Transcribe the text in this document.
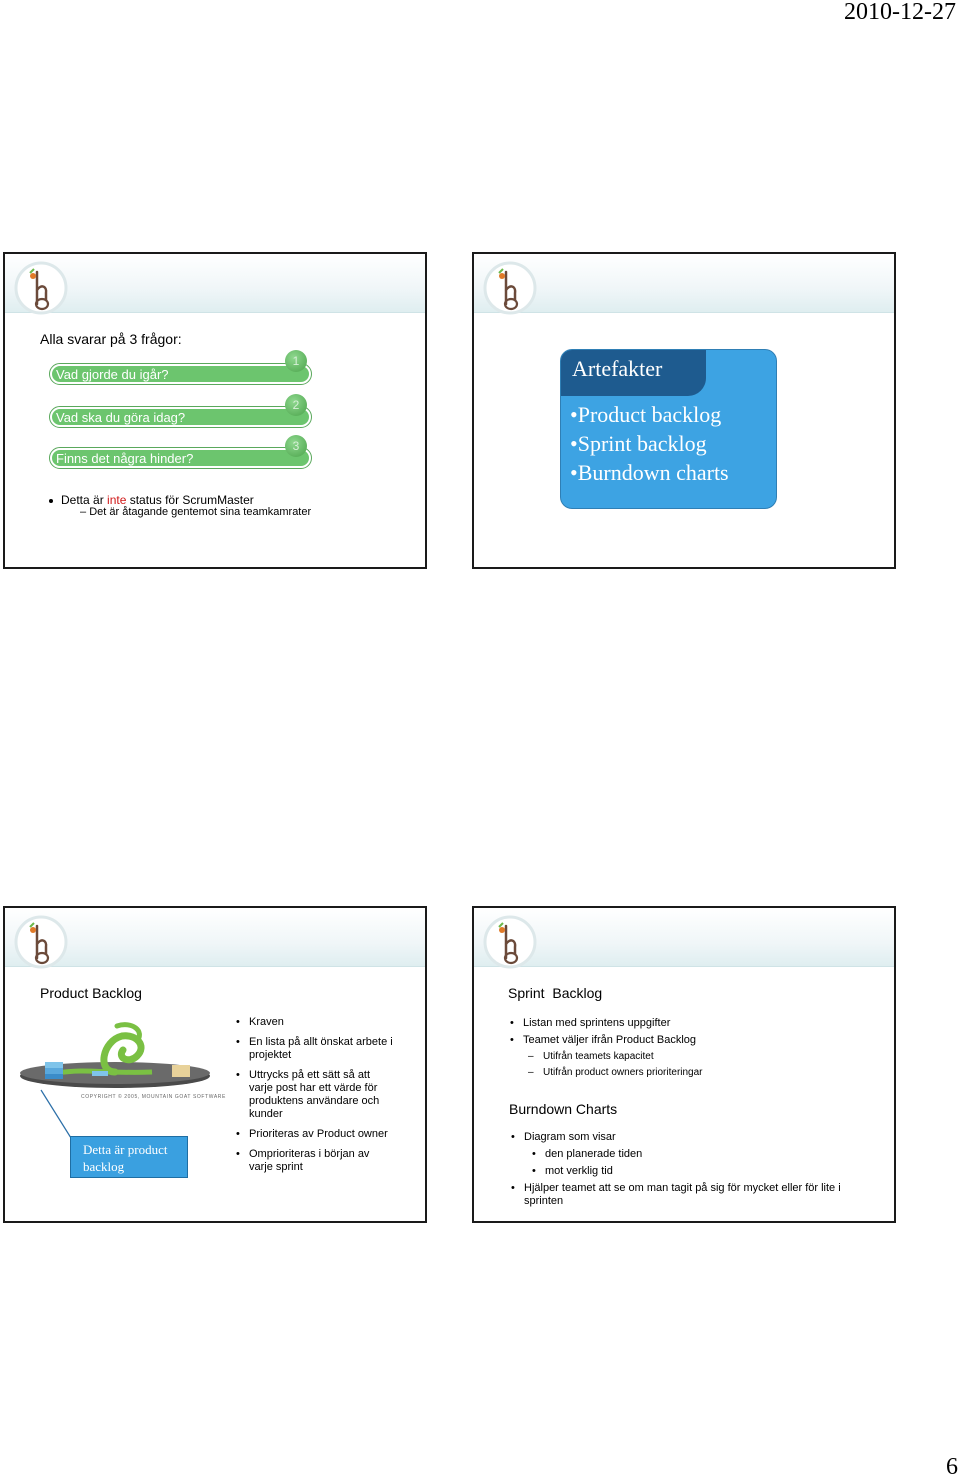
2010-12-27
Alla svarar på 3 frågor:
Vad gjorde du igår?
1
Vad ska du göra idag?
2
Finns det några hinder?
3
Detta är inte status för ScrumMaster
– Det är åtagande gentemot sina teamkamrater
Artefakter
•Product backlog
•Sprint backlog
•Burndown charts
Product Backlog
COPYRIGHT © 2005, MOUNTAIN GOAT SOFTWARE
Detta är product backlog
• Kraven
• En lista på allt önskat arbete i projektet
• Uttrycks på ett sätt så att varje post har ett värde för produktens användare och kunder
• Prioriteras av Product owner
• Omprioriteras i början av varje sprint
Sprint  Backlog
• Listan med sprintens uppgifter
• Teamet väljer ifrån Product Backlog
– Utifrån teamets kapacitet
– Utifrån product owners prioriteringar
Burndown Charts
• Diagram som visar
• den planerade tiden
• mot verklig tid
• Hjälper teamet att se om man tagit på sig för mycket eller för lite i sprinten
6
